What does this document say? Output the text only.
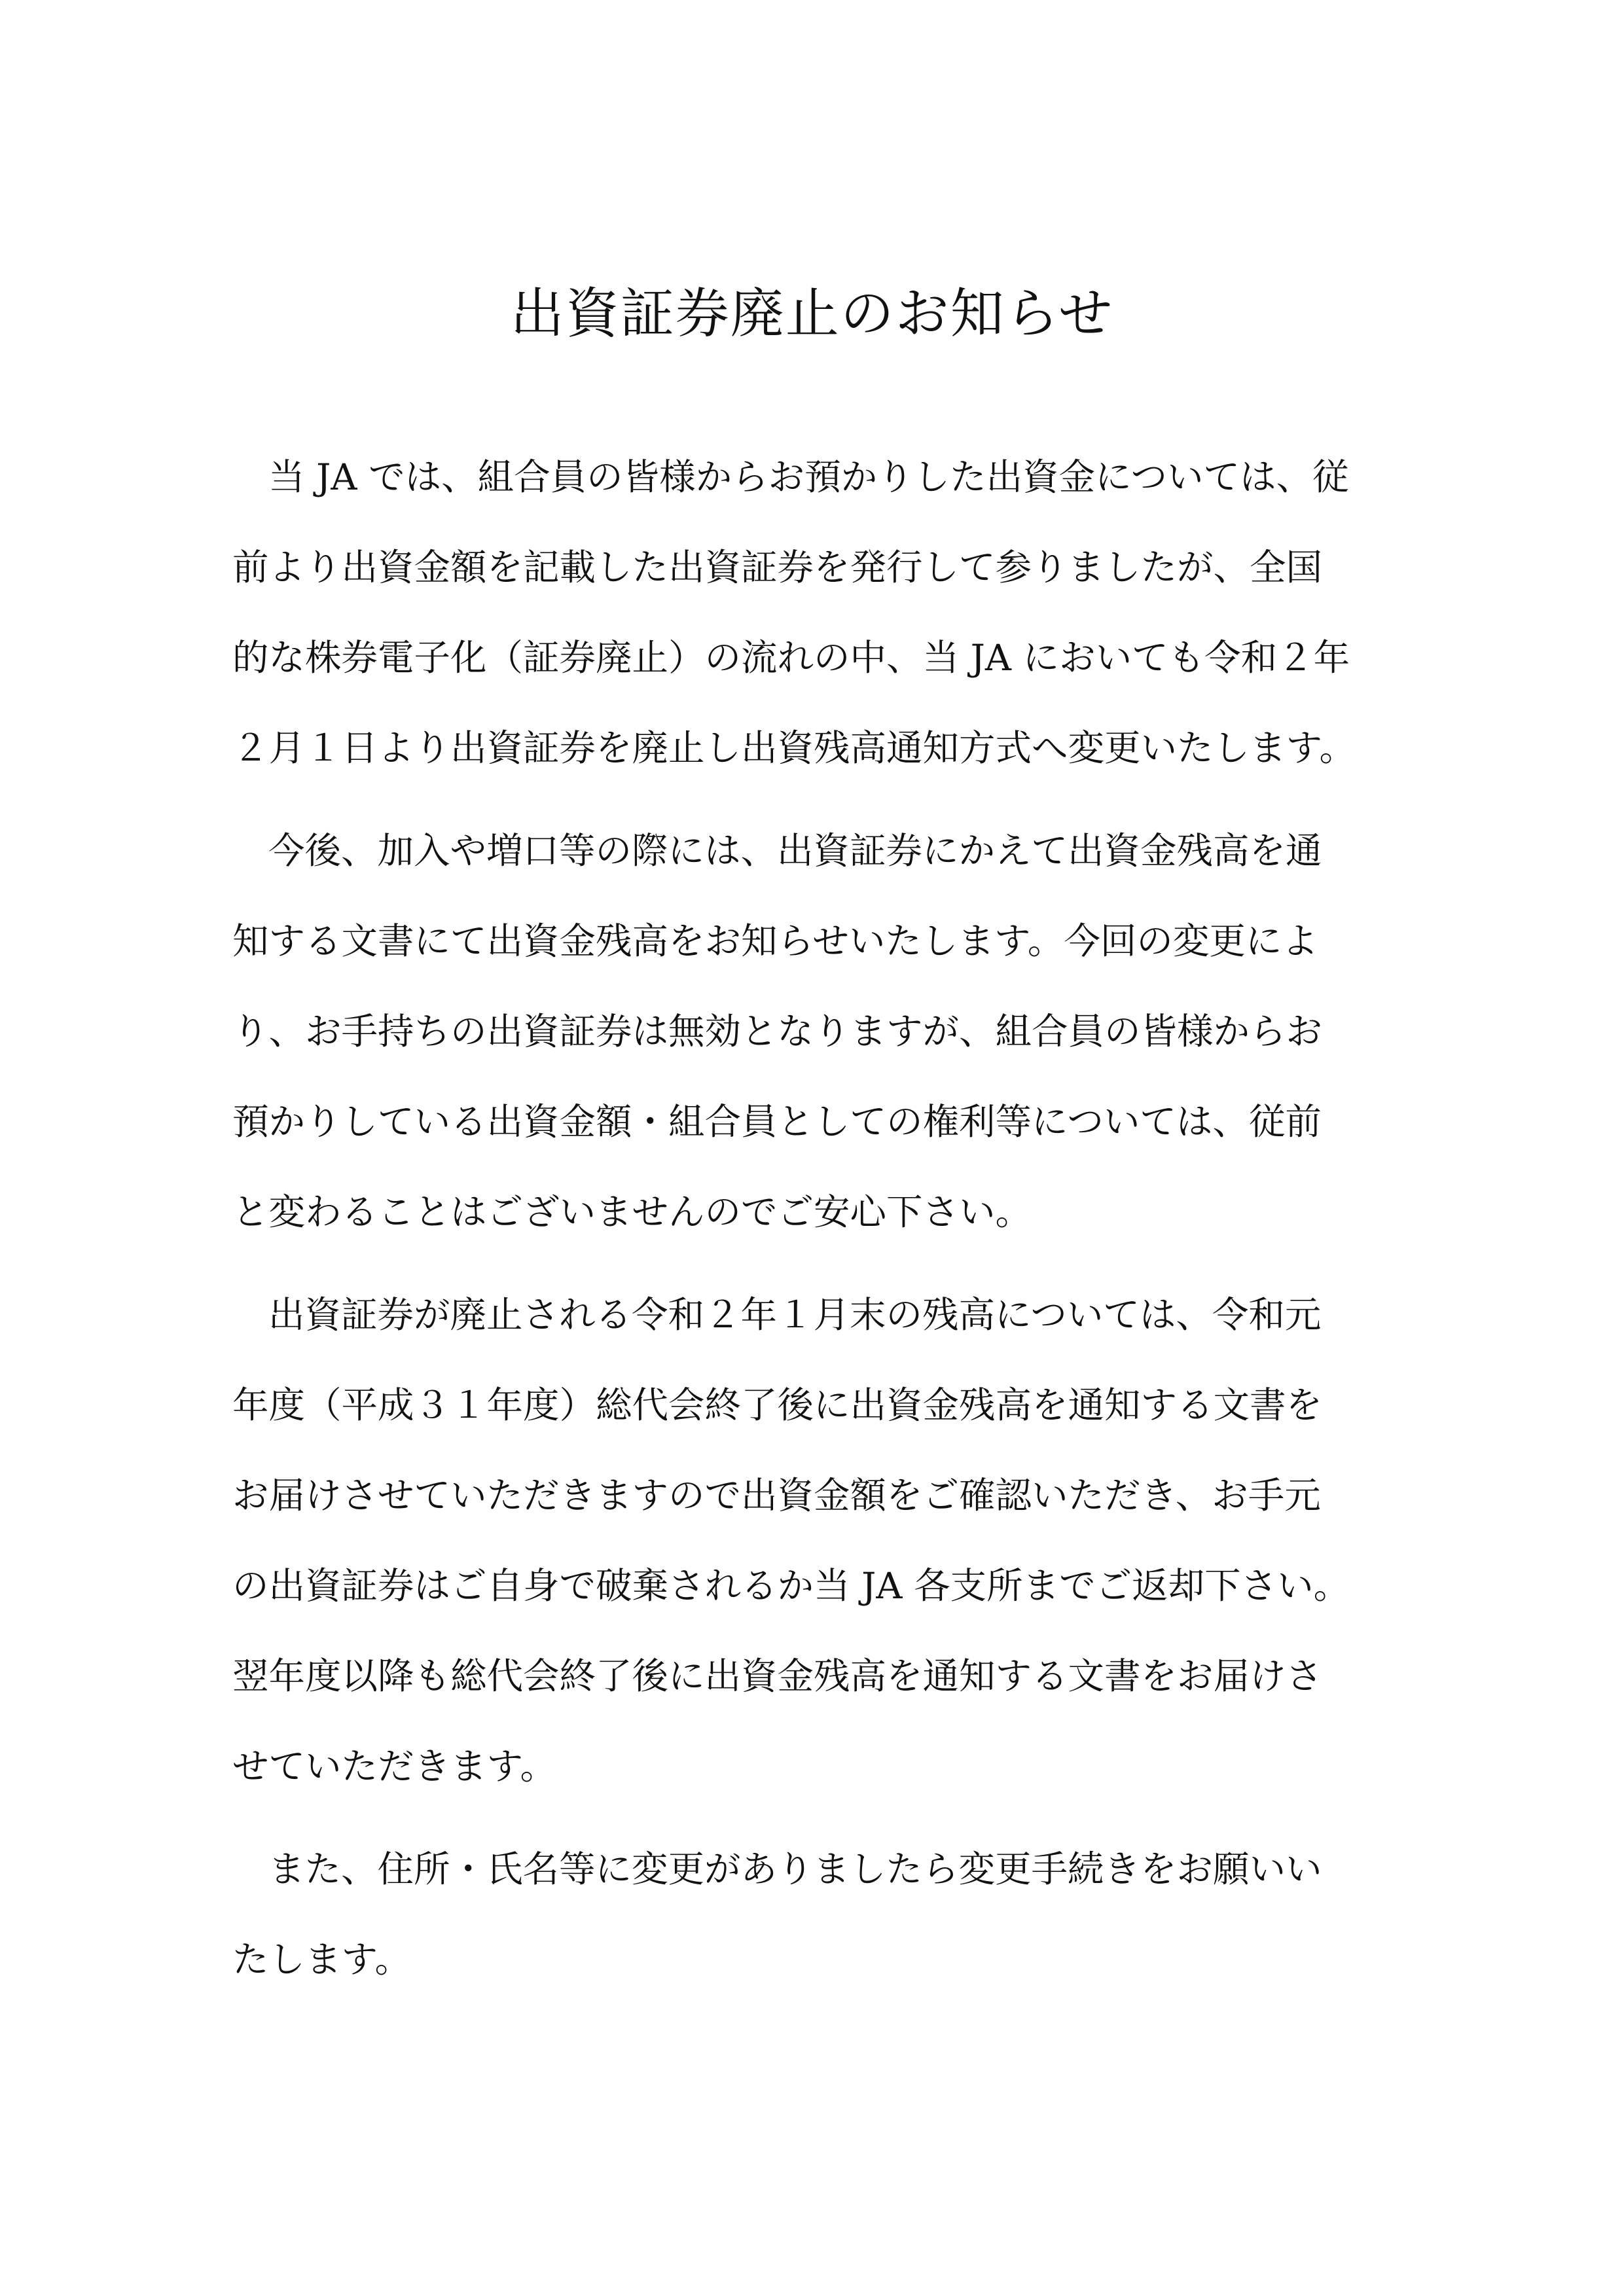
出資証券廃止のお知らせ
当 JA では、組合員の皆様からお預かりした出資金については、従
前より出資金額を記載した出資証券を発行して参りましたが、全国
的な株券電子化（証券廃止）の流れの中、当 JA においても令和２年
２月１日より出資証券を廃止し出資残高通知方式へ変更いたします。
今後、加入や増口等の際には、出資証券にかえて出資金残高を通
知する文書にて出資金残高をお知らせいたします。今回の変更によ
り、お手持ちの出資証券は無効となりますが、組合員の皆様からお
預かりしている出資金額・組合員としての権利等については、従前
と変わることはございませんのでご安心下さい。
出資証券が廃止される令和２年１月末の残高については、令和元
年度（平成３１年度）総代会終了後に出資金残高を通知する文書を
お届けさせていただきますので出資金額をご確認いただき、お手元
の出資証券はご自身で破棄されるか当 JA 各支所までご返却下さい。
翌年度以降も総代会終了後に出資金残高を通知する文書をお届けさ
せていただきます。
また、住所・氏名等に変更がありましたら変更手続きをお願いい
たします。
